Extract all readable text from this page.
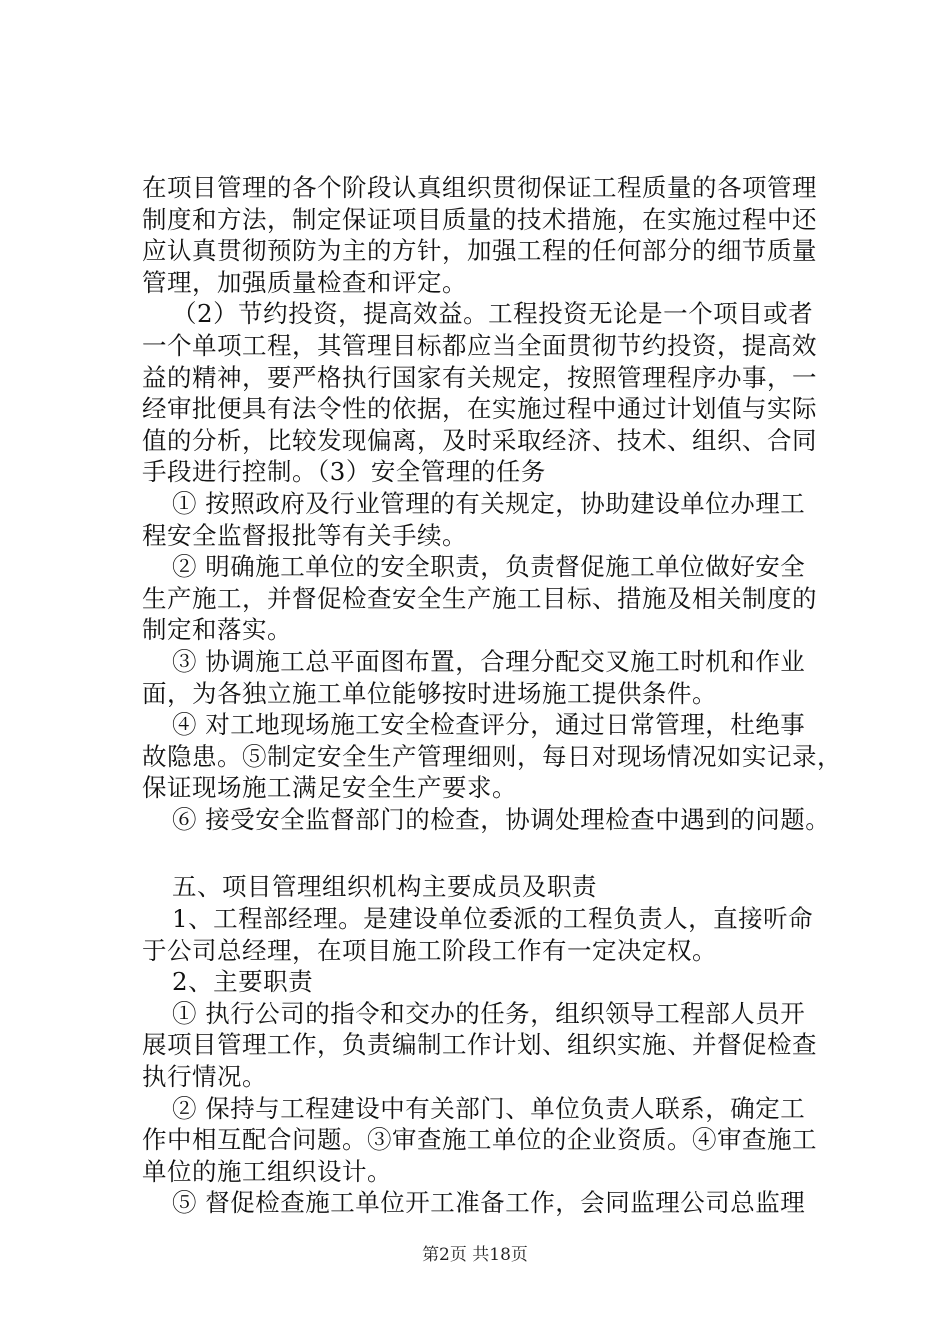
在项目管理的各个阶段认真组织贯彻保证工程质量的各项管理
制度和方法，制定保证项目质量的技术措施，在实施过程中还
应认真贯彻预防为主的方针，加强工程的任何部分的细节质量
管理，加强质量检查和评定。
（2）节约投资，提高效益。工程投资无论是一个项目或者
一个单项工程，其管理目标都应当全面贯彻节约投资，提高效
益的精神，要严格执行国家有关规定，按照管理程序办事，一
经审批便具有法令性的依据，在实施过程中通过计划值与实际
值的分析，比较发现偏离，及时采取经济、技术、组织、合同
手段进行控制。（3）安全管理的任务
① 按照政府及行业管理的有关规定，协助建设单位办理工
程安全监督报批等有关手续。
② 明确施工单位的安全职责，负责督促施工单位做好安全
生产施工，并督促检查安全生产施工目标、措施及相关制度的
制定和落实。
③ 协调施工总平面图布置，合理分配交叉施工时机和作业
面，为各独立施工单位能够按时进场施工提供条件。
④ 对工地现场施工安全检查评分，通过日常管理，杜绝事
故隐患。⑤制定安全生产管理细则，每日对现场情况如实记录，
保证现场施工满足安全生产要求。
⑥ 接受安全监督部门的检查，协调处理检查中遇到的问题。
五、项目管理组织机构主要成员及职责
1、工程部经理。是建设单位委派的工程负责人，直接听命
于公司总经理，在项目施工阶段工作有一定决定权。
2、主要职责
① 执行公司的指令和交办的任务，组织领导工程部人员开
展项目管理工作，负责编制工作计划、组织实施、并督促检查
执行情况。
② 保持与工程建设中有关部门、单位负责人联系，确定工
作中相互配合问题。③审查施工单位的企业资质。④审查施工
单位的施工组织设计。
⑤ 督促检查施工单位开工准备工作，会同监理公司总监理
第2页 共18页
